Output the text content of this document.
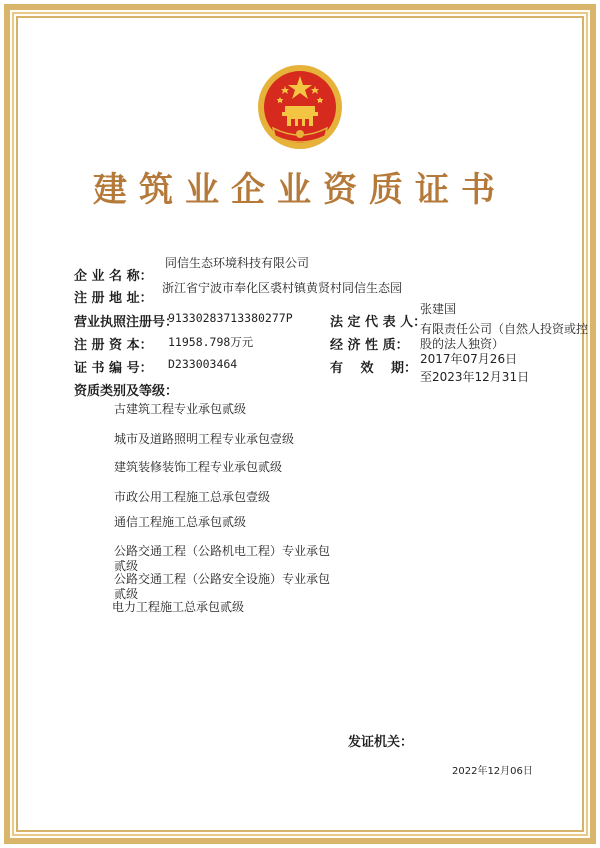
建筑业企业资质证书
企 业 名 称：
同信生态环境科技有限公司
注 册 地 址：
浙江省宁波市奉化区裘村镇黄贤村同信生态园
营业执照注册号：
91330283713380277P	法 定 代 表 人：
张建国
注 册 资 本： 11958.798万元	经 济 性 质：
有限责任公司（自然人投资或控
股的法人独资）
证 书 编 号： D233003464	有　 效　 期：
2017年07月26日
至2023年12月31日
资质类别及等级：
古建筑工程专业承包贰级
城市及道路照明工程专业承包壹级
建筑装修装饰工程专业承包贰级
市政公用工程施工总承包壹级
通信工程施工总承包贰级
公路交通工程（公路机电工程）专业承包
贰级
公路交通工程（公路安全设施）专业承包
贰级
电力工程施工总承包贰级
发证机关：
2022年12月06日
